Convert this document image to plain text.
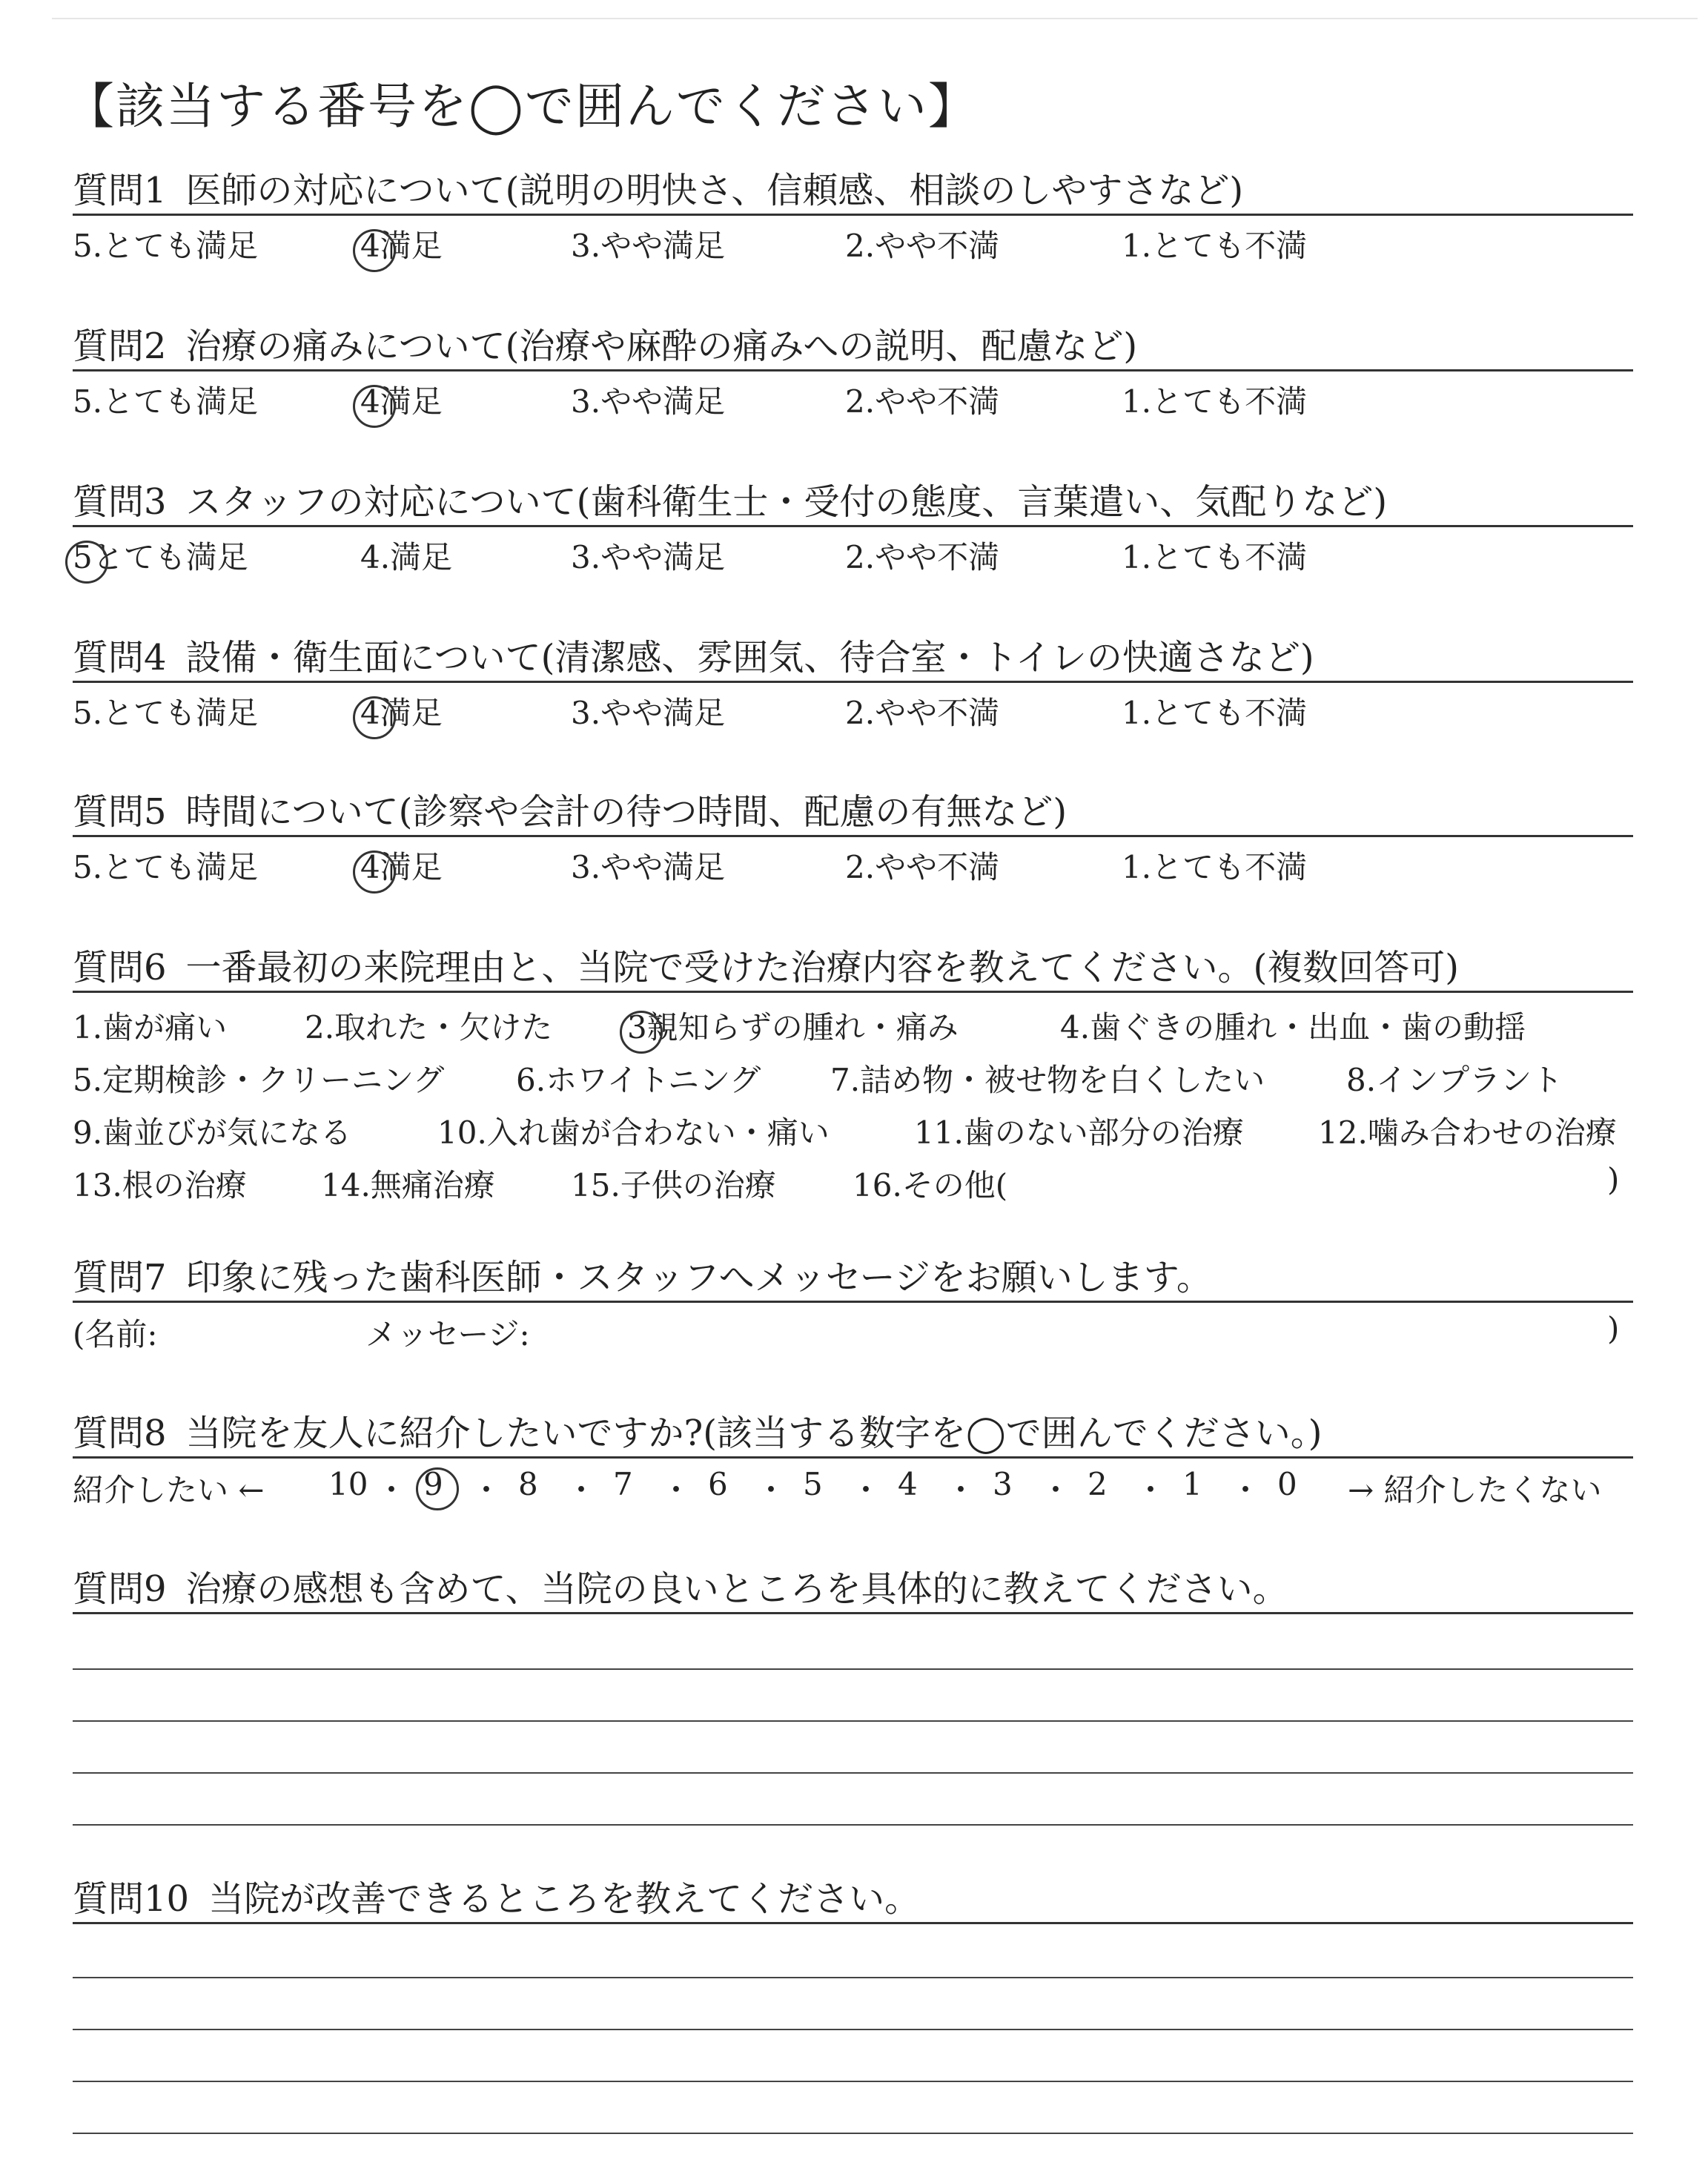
【該当する番号を◯で囲んでください】
質問1 医師の対応について(説明の明快さ、信頼感、相談のしやすさなど)
5.とても満足	4満足	3.やや満足	2.やや不満	1.とても不満
質問2 治療の痛みについて(治療や麻酔の痛みへの説明、配慮など)
5.とても満足	4満足	3.やや満足	2.やや不満	1.とても不満
質問3 スタッフの対応について(歯科衛生士・受付の態度、言葉遣い、気配りなど)
5とても満足	4.満足	3.やや満足	2.やや不満	1.とても不満
質問4 設備・衛生面について(清潔感、雰囲気、待合室・トイレの快適さなど)
5.とても満足	4満足	3.やや満足	2.やや不満	1.とても不満
質問5 時間について(診察や会計の待つ時間、配慮の有無など)
5.とても満足	4満足	3.やや満足	2.やや不満	1.とても不満
質問6 一番最初の来院理由と、当院で受けた治療内容を教えてください。(複数回答可)
1.歯が痛い 2.取れた・欠けた 3親知らずの腫れ・痛み	4.歯ぐきの腫れ・出血・歯の動揺
5.定期検診・クリーニング 6.ホワイトニング 7.詰め物・被せ物を白くしたい	8.インプラント
9.歯並びが気になる	10.入れ歯が合わない・痛い	11.歯のない部分の治療 12.噛み合わせの治療
13.根の治療 14.無痛治療 15.子供の治療 16.その他(	)
質問7 印象に残った歯科医師・スタッフへメッセージをお願いします。
(名前:	メッセージ:	)
質問8 当院を友人に紹介したいですか?(該当する数字を◯で囲んでください。)
紹介したい ←	→ 紹介したくない
10 ・ 9 ・ 8 ・ 7 ・ 6 ・ 5 ・ 4 ・ 3 ・ 2 ・ 1 ・ 0
質問9 治療の感想も含めて、当院の良いところを具体的に教えてください。
質問10 当院が改善できるところを教えてください。
